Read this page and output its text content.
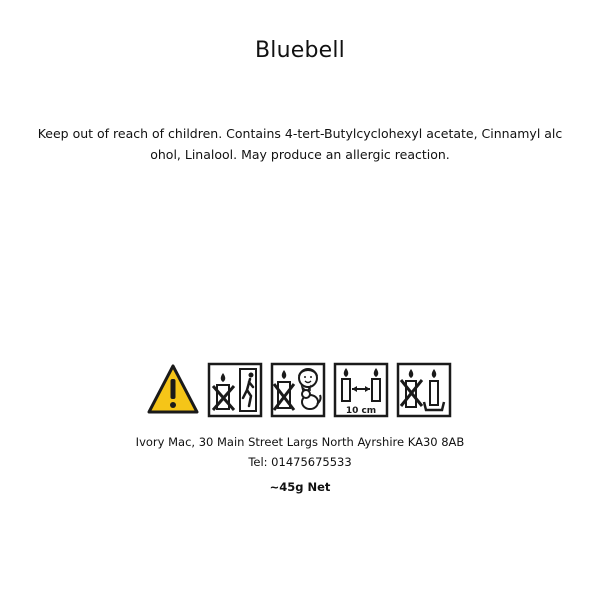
Bluebell
Keep out of reach of children. Contains 4-tert-Butylcyclohexyl acetate, Cinnamyl alcohol, Linalool. May produce an allergic reaction.
10 cm
Ivory Mac, 30 Main Street Largs North Ayrshire KA30 8AB
Tel: 01475675533
~45g Net
